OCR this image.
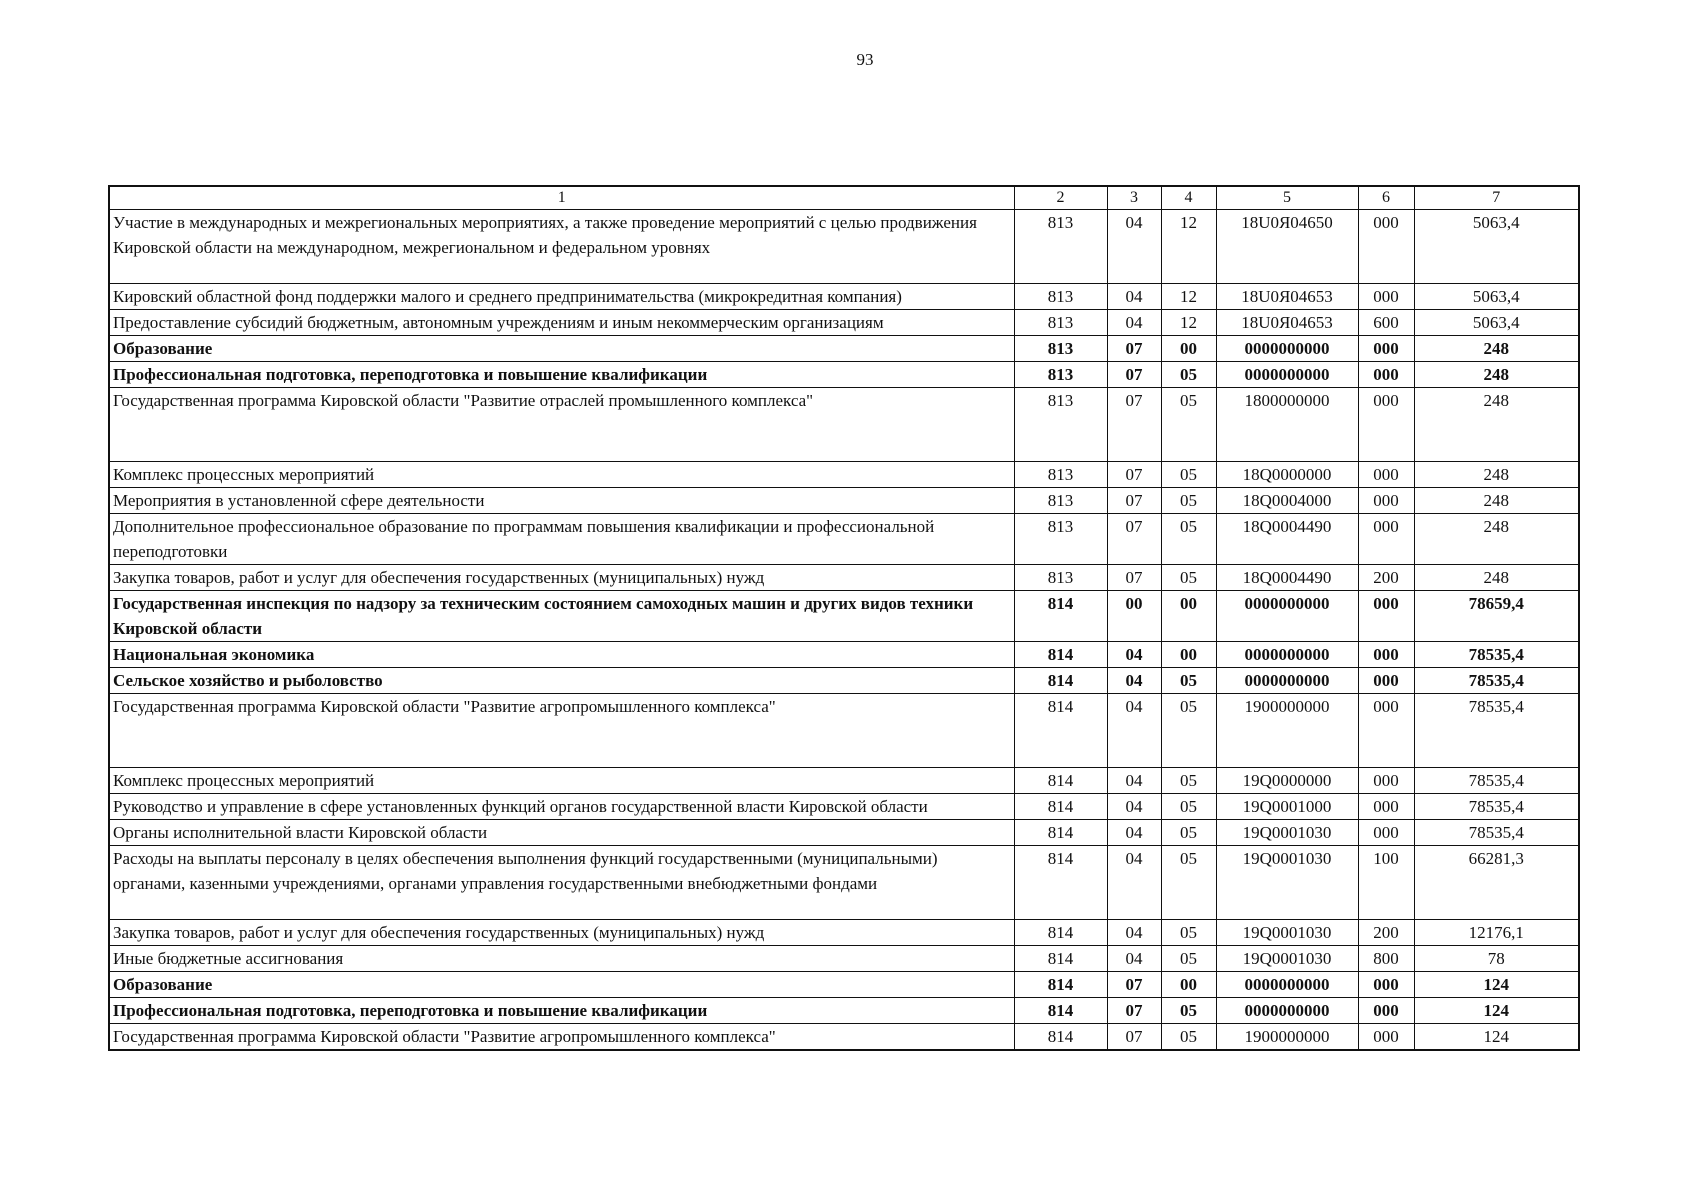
93
1	2	3	4	5	6	7
Участие в международных и межрегиональных мероприятиях, а также проведение мероприятий с целью продвижения Кировской области на международном, межрегиональном и федеральном уровнях	813	04	12	18U0Я04650	000	5063,4
Кировский областной фонд поддержки малого и среднего предпринимательства (микрокредитная компания)	813	04	12	18U0Я04653	000	5063,4
Предоставление субсидий бюджетным, автономным учреждениям и иным некоммерческим организациям	813	04	12	18U0Я04653	600	5063,4
Образование	813	07	00	0000000000	000	248
Профессиональная подготовка, переподготовка и повышение квалификации	813	07	05	0000000000	000	248
Государственная программа Кировской области "Развитие отраслей промышленного комплекса"	813	07	05	1800000000	000	248
Комплекс процессных мероприятий	813	07	05	18Q0000000	000	248
Мероприятия в установленной сфере деятельности	813	07	05	18Q0004000	000	248
Дополнительное профессиональное образование по программам повышения квалификации и профессиональной переподготовки	813	07	05	18Q0004490	000	248
Закупка товаров, работ и услуг для обеспечения государственных (муниципальных) нужд	813	07	05	18Q0004490	200	248
Государственная инспекция по надзору за техническим состоянием самоходных машин и других видов техники Кировской области	814	00	00	0000000000	000	78659,4
Национальная экономика	814	04	00	0000000000	000	78535,4
Сельское хозяйство и рыболовство	814	04	05	0000000000	000	78535,4
Государственная программа Кировской области "Развитие агропромышленного комплекса"	814	04	05	1900000000	000	78535,4
Комплекс процессных мероприятий	814	04	05	19Q0000000	000	78535,4
Руководство и управление в сфере установленных функций органов государственной власти Кировской области	814	04	05	19Q0001000	000	78535,4
Органы исполнительной власти Кировской области	814	04	05	19Q0001030	000	78535,4
Расходы на выплаты персоналу в целях обеспечения выполнения функций государственными (муниципальными) органами, казенными учреждениями, органами управления государственными внебюджетными фондами	814	04	05	19Q0001030	100	66281,3
Закупка товаров, работ и услуг для обеспечения государственных (муниципальных) нужд	814	04	05	19Q0001030	200	12176,1
Иные бюджетные ассигнования	814	04	05	19Q0001030	800	78
Образование	814	07	00	0000000000	000	124
Профессиональная подготовка, переподготовка и повышение квалификации	814	07	05	0000000000	000	124
Государственная программа Кировской области "Развитие агропромышленного комплекса"	814	07	05	1900000000	000	124
